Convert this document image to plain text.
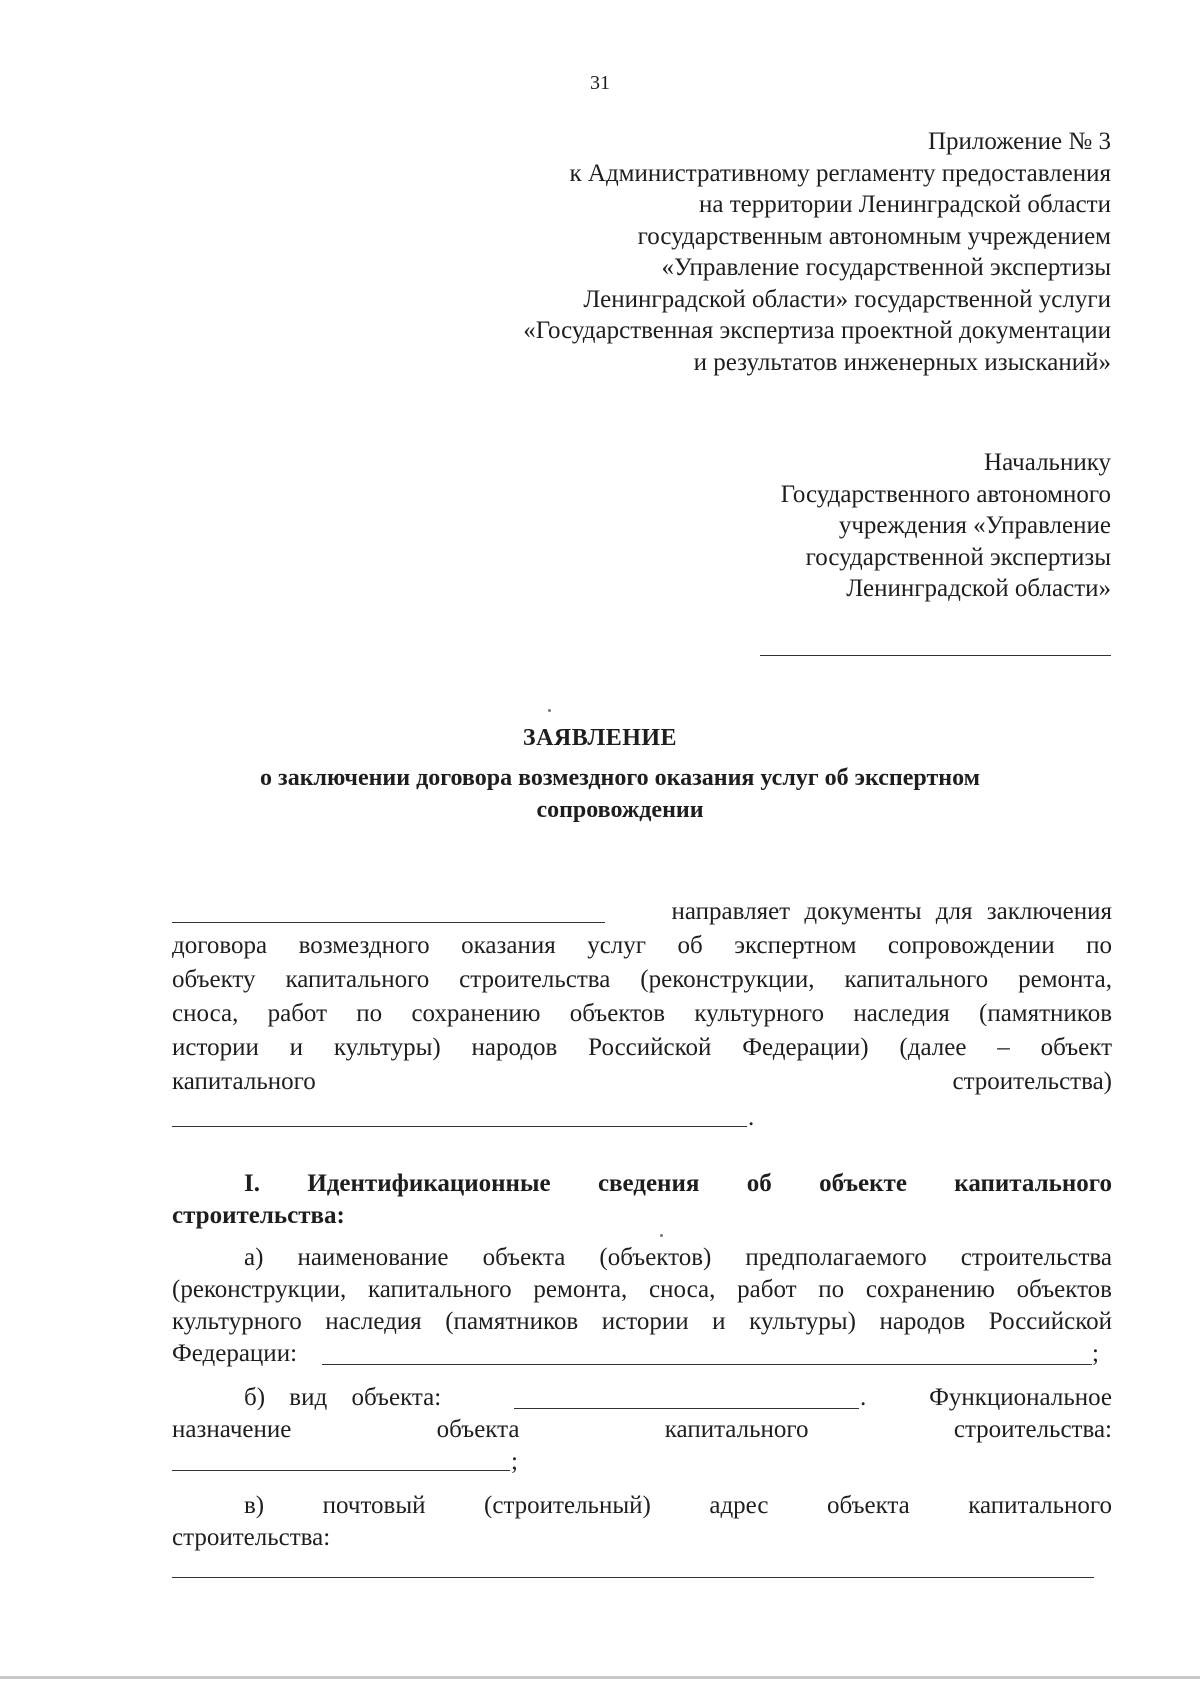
31
Приложение № 3
к Административному регламенту предоставления
на территории Ленинградской области
государственным автономным учреждением
«Управление государственной экспертизы
Ленинградской области» государственной услуги
«Государственная экспертиза проектной документации
и результатов инженерных изысканий»
Начальнику
Государственного автономного
учреждения «Управление
государственной экспертизы
Ленинградской области»
ЗАЯВЛЕНИЕ
о заключении договора возмездного оказания услуг об экспертном
сопровождении
направляет документы для заключения
договора возмездного оказания услуг об экспертном сопровождении по
объекту капитального строительства (реконструкции, капитального ремонта,
сноса, работ по сохранению объектов культурного наследия (памятников
истории и культуры) народов Российской Федерации) (далее – объект
капитального	строительства)
.
I. Идентификационные сведения об объекте капитального
строительства:
а) наименование объекта (объектов) предполагаемого строительства
(реконструкции, капитального ремонта, сноса, работ по сохранению объектов
культурного наследия (памятников истории и культуры) народов Российской
Федерации:	;
б) вид объекта:	.	Функциональное
назначение объекта капитального строительства:
;
в) почтовый (строительный) адрес объекта капитального
строительства:
